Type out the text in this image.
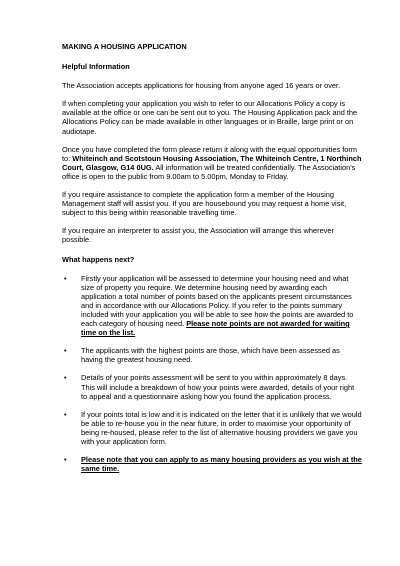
MAKING A HOUSING APPLICATION
Helpful Information

The Association accepts applications for housing from anyone aged 16 years or over.

If when completing your application you wish to refer to our Allocations Policy a copy is available at the office or one can be sent out to you. The Housing Application pack and the Allocations Policy can be made available in other languages or in Braille, large print or on audiotape.

Once you have completed the form please return it along with the equal opportunities form to: Whiteinch and Scotstoun Housing Association, The Whiteinch Centre, 1 Northinch Court, Glasgow, G14 0UG. All information will be treated confidentially. The Association's office is open to the public from 9.00am to 5.00pm, Monday to Friday.

If you require assistance to complete the application form a member of the Housing Management staff will assist you. If you are housebound you may request a home visit, subject to this being within reasonable travelling time.

If you require an interpreter to assist you, the Association will arrange this wherever possible.

What happens next?
• Firstly your application will be assessed to determine your housing need and what size of property you require. We determine housing need by awarding each application a total number of points based on the applicants present circumstances and in accordance with our Allocations Policy. If you refer to the points summary included with your application you will be able to see how the points are awarded to each category of housing need. Please note points are not awarded for waiting time on the list.
• The applicants with the highest points are those, which have been assessed as having the greatest housing need.
• Details of your points assessment will be sent to you within approximately 8 days. This will include a breakdown of how your points were awarded, details of your right to appeal and a questionnaire asking how you found the application process.
• If your points total is low and it is indicated on the letter that it is unlikely that we would be able to re-house you in the near future, in order to maximise your opportunity of being re-housed, please refer to the list of alternative housing providers we gave you with your application form.
• Please note that you can apply to as many housing providers as you wish at the same time.
